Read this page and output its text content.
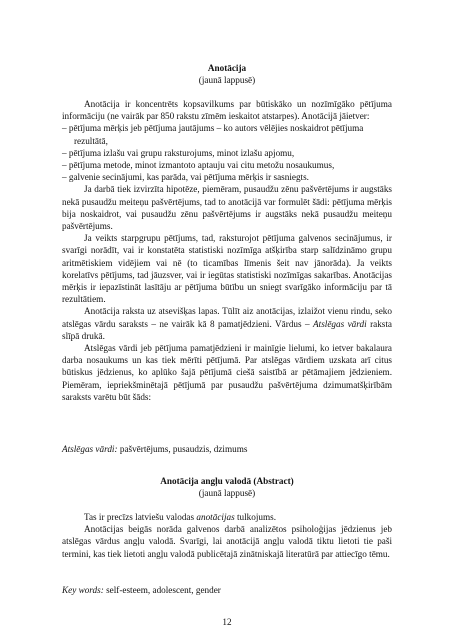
Anotācija
(jaunā lappusē)

Anotācija ir koncentrēts kopsavilkums par būtiskāko un nozīmīgāko pētījuma informāciju (ne vairāk par 850 rakstu zīmēm ieskaitot atstarpes). Anotācijā jāietver:

– pētījuma mērķis jeb pētījuma jautājums – ko autors vēlējies noskaidrot pētījuma rezultātā,
– pētījuma izlašu vai grupu raksturojums, minot izlašu apjomu,
– pētījuma metode, minot izmantoto aptauju vai citu metožu nosaukumus,
– galvenie secinājumi, kas parāda, vai pētījuma mērķis ir sasniegts.

Ja darbā tiek izvirzīta hipotēze, piemēram, pusaudžu zēnu pašvērtējums ir augstāks nekā pusaudžu meiteņu pašvērtējums, tad to anotācijā var formulēt šādi: pētījuma mērķis bija noskaidrot, vai pusaudžu zēnu pašvērtējums ir augstāks nekā pusaudžu meiteņu pašvērtējums.

Ja veikts starpgrupu pētījums, tad, raksturojot pētījuma galvenos secinājumus, ir svarīgi norādīt, vai ir konstatēta statistiski nozīmīga atšķirība starp salīdzināmo grupu aritmētiskiem vidējiem vai nē (to ticamības līmenis šeit nav jānorāda). Ja veikts korelatīvs pētījums, tad jāuzsver, vai ir iegūtas statistiski nozīmīgas sakarības. Anotācijas mērķis ir iepazīstināt lasītāju ar pētījuma būtību un sniegt svarīgāko informāciju par tā rezultātiem.

Anotācija raksta uz atsevišķas lapas. Tūlīt aiz anotācijas, izlaižot vienu rindu, seko atslēgas vārdu saraksts – ne vairāk kā 8 pamatjēdzieni. Vārdus – Atslēgas vārdi raksta slīpā drukā.

Atslēgas vārdi jeb pētījuma pamatjēdzieni ir mainīgie lielumi, ko ietver bakalaura darba nosaukums un kas tiek mērīti pētījumā. Par atslēgas vārdiem uzskata arī citus būtiskus jēdzienus, ko aplūko šajā pētījumā ciešā saistībā ar pētāmajiem jēdzieniem. Piemēram, iepriekšminētajā pētījumā par pusaudžu pašvērtējuma dzimumatšķirībām saraksts varētu būt šāds:

Atslēgas vārdi: pašvērtējums, pusaudzis, dzimums
Anotācija angļu valodā (Abstract)
(jaunā lappusē)

Tas ir precīzs latviešu valodas anotācijas tulkojums.

Anotācijas beigās norāda galvenos darbā analizētos psiholoģijas jēdzienus jeb atslēgas vārdus angļu valodā. Svarīgi, lai anotācijā angļu valodā tiktu lietoti tie paši termini, kas tiek lietoti angļu valodā publicētajā zinātniskajā literatūrā par attiecīgo tēmu.

Key words: self-esteem, adolescent, gender
12
